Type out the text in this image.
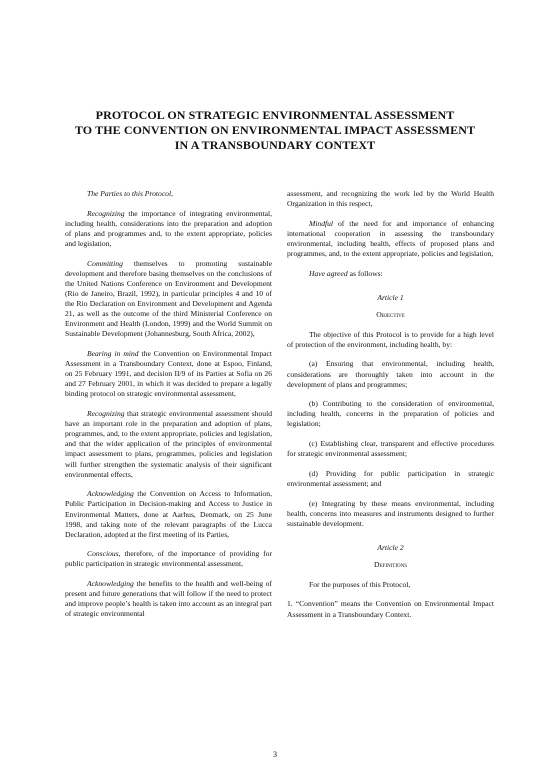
PROTOCOL ON STRATEGIC ENVIRONMENTAL ASSESSMENT
TO THE CONVENTION ON ENVIRONMENTAL IMPACT ASSESSMENT
IN A TRANSBOUNDARY CONTEXT

The Parties to this Protocol,

Recognizing the importance of integrating environmental, including health, considerations into the preparation and adoption of plans and programmes and, to the extent appropriate, policies and legislation,

Committing themselves to promoting sustainable development and therefore basing themselves on the conclusions of the United Nations Conference on Environment and Development (Rio de Janeiro, Brazil, 1992), in particular principles 4 and 10 of the Rio Declaration on Environment and Development and Agenda 21, as well as the outcome of the third Ministerial Conference on Environment and Health (London, 1999) and the World Summit on Sustainable Development (Johannesburg, South Africa, 2002),

Bearing in mind the Convention on Environmental Impact Assessment in a Transboundary Context, done at Espoo, Finland, on 25 February 1991, and decision II/9 of its Parties at Sofia on 26 and 27 February 2001, in which it was decided to prepare a legally binding protocol on strategic environmental assessment,

Recognizing that strategic environmental assessment should have an important role in the preparation and adoption of plans, programmes, and, to the extent appropriate, policies and legislation, and that the wider application of the principles of environmental impact assessment to plans, programmes, policies and legislation will further strengthen the systematic analysis of their significant environmental effects,

Acknowledging the Convention on Access to Information, Public Participation in Decision-making and Access to Justice in Environmental Matters, done at Aarhus, Denmark, on 25 June 1998, and taking note of the relevant paragraphs of the Lucca Declaration, adopted at the first meeting of its Parties,

Conscious, therefore, of the importance of providing for public participation in strategic environmental assessment,

Acknowledging the benefits to the health and well-being of present and future generations that will follow if the need to protect and improve people’s health is taken into account as an integral part of strategic environmental

assessment, and recognizing the work led by the World Health Organization in this respect,

Mindful of the need for and importance of enhancing international cooperation in assessing the transboundary environmental, including health, effects of proposed plans and programmes, and, to the extent appropriate, policies and legislation,

Have agreed as follows:

Article 1

Objective

The objective of this Protocol is to provide for a high level of protection of the environment, including health, by:

(a) Ensuring that environmental, including health, considerations are thoroughly taken into account in the development of plans and programmes;

(b) Contributing to the consideration of environmental, including health, concerns in the preparation of policies and legislation;

(c) Establishing clear, transparent and effective procedures for strategic environmental assessment;

(d) Providing for public participation in strategic environmental assessment; and

(e) Integrating by these means environmental, including health, concerns into measures and instruments designed to further sustainable development.

Article 2

Definitions

For the purposes of this Protocol,

1. “Convention” means the Convention on Environmental Impact Assessment in a Transboundary Context.

3
